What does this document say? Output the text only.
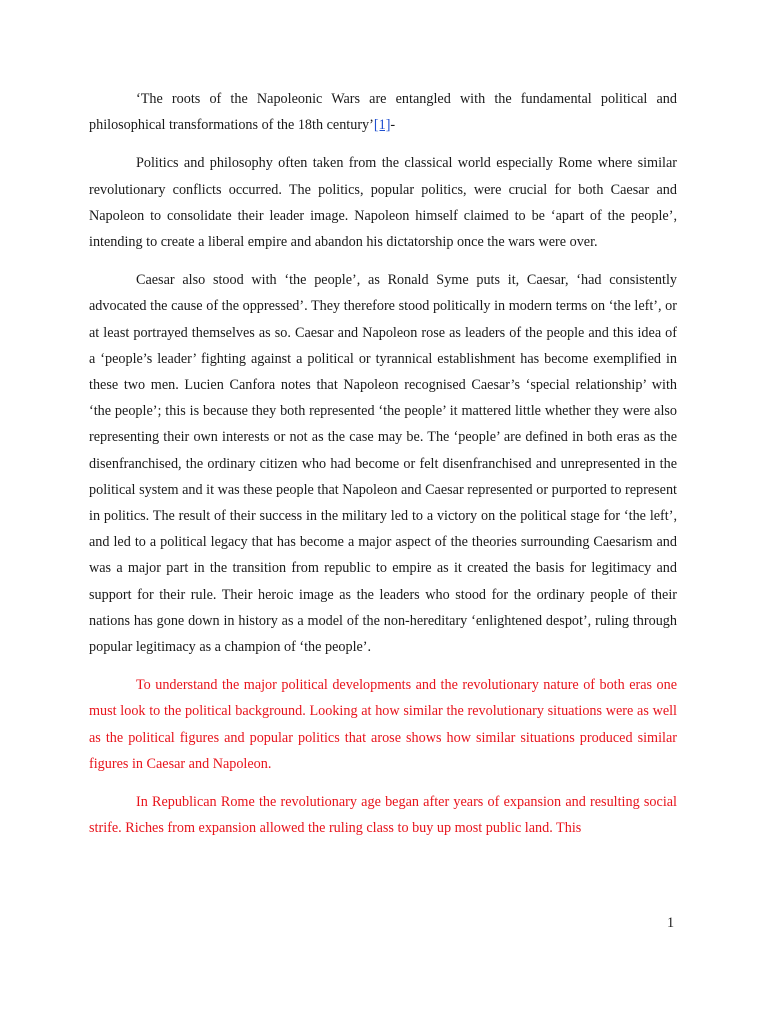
‘The roots of the Napoleonic Wars are entangled with the fundamental political and philosophical transformations of the 18th century’[1]-

Politics and philosophy often taken from the classical world especially Rome where similar revolutionary conflicts occurred. The politics, popular politics, were crucial for both Caesar and Napoleon to consolidate their leader image. Napoleon himself claimed to be ‘apart of the people’, intending to create a liberal empire and abandon his dictatorship once the wars were over.

Caesar also stood with ‘the people’, as Ronald Syme puts it, Caesar, ‘had consistently advocated the cause of the oppressed’. They therefore stood politically in modern terms on ‘the left’, or at least portrayed themselves as so. Caesar and Napoleon rose as leaders of the people and this idea of a ‘people’s leader’ fighting against a political or tyrannical establishment has become exemplified in these two men. Lucien Canfora notes that Napoleon recognised Caesar’s ‘special relationship’ with ‘the people’; this is because they both represented ‘the people’ it mattered little whether they were also representing their own interests or not as the case may be. The ‘people’ are defined in both eras as the disenfranchised, the ordinary citizen who had become or felt disenfranchised and unrepresented in the political system and it was these people that Napoleon and Caesar represented or purported to represent in politics. The result of their success in the military led to a victory on the political stage for ‘the left’, and led to a political legacy that has become a major aspect of the theories surrounding Caesarism and was a major part in the transition from republic to empire as it created the basis for legitimacy and support for their rule. Their heroic image as the leaders who stood for the ordinary people of their nations has gone down in history as a model of the non-hereditary ‘enlightened despot’, ruling through popular legitimacy as a champion of ‘the people’.

To understand the major political developments and the revolutionary nature of both eras one must look to the political background. Looking at how similar the revolutionary situations were as well as the political figures and popular politics that arose shows how similar situations produced similar figures in Caesar and Napoleon.

In Republican Rome the revolutionary age began after years of expansion and resulting social strife. Riches from expansion allowed the ruling class to buy up most public land. This

1
